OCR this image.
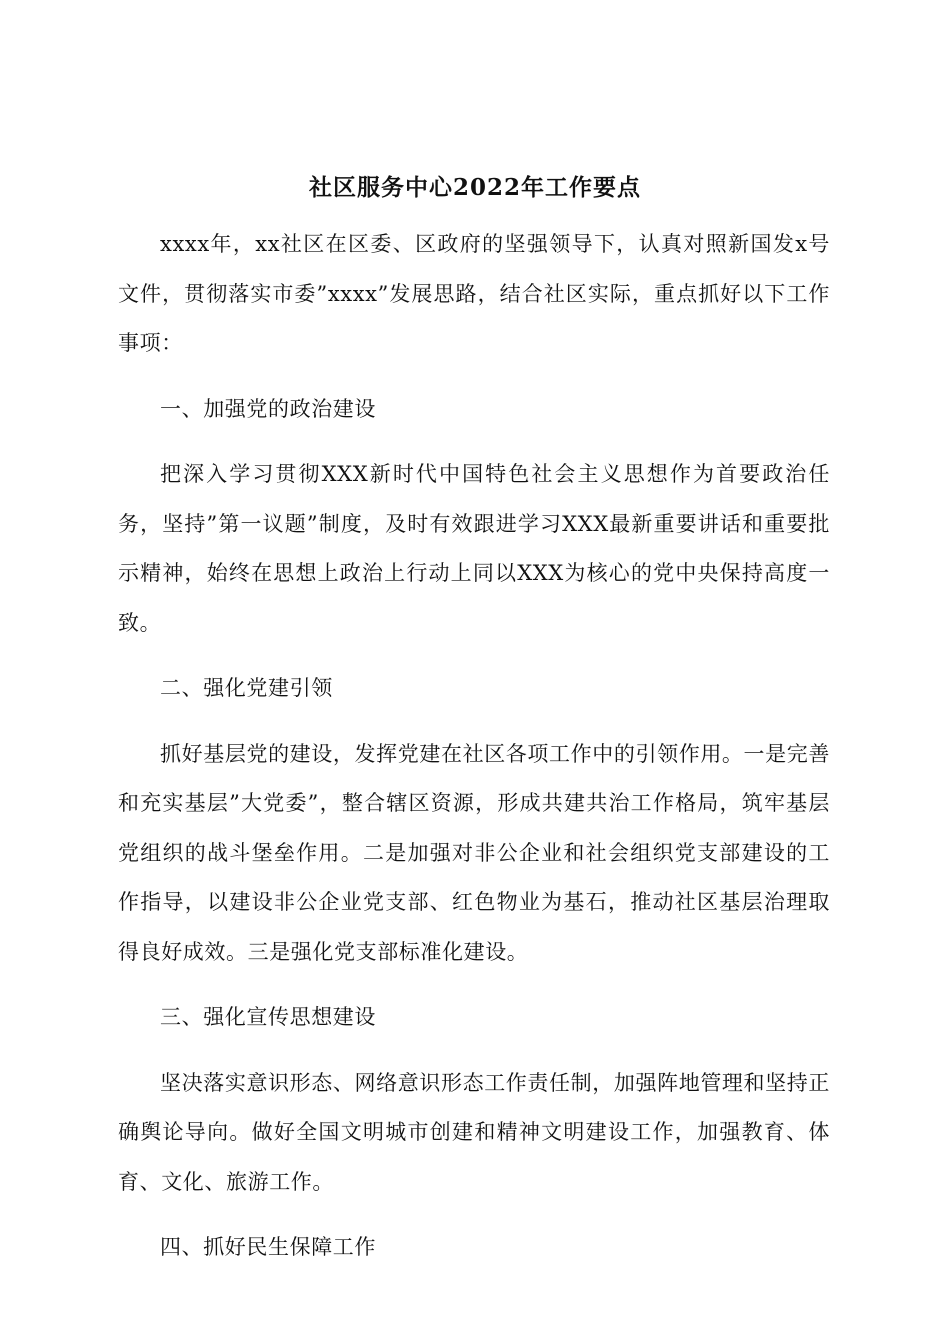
社区服务中心2022年工作要点

xxxx年，xx社区在区委、区政府的坚强领导下，认真对照新国发x号文件，贯彻落实市委”xxxx”发展思路，结合社区实际，重点抓好以下工作事项：

一、加强党的政治建设

把深入学习贯彻XXX新时代中国特色社会主义思想作为首要政治任务，坚持”第一议题”制度，及时有效跟进学习XXX最新重要讲话和重要批示精神，始终在思想上政治上行动上同以XXX为核心的党中央保持高度一致。

二、强化党建引领

抓好基层党的建设，发挥党建在社区各项工作中的引领作用。一是完善和充实基层”大党委”，整合辖区资源，形成共建共治工作格局，筑牢基层党组织的战斗堡垒作用。二是加强对非公企业和社会组织党支部建设的工作指导，以建设非公企业党支部、红色物业为基石，推动社区基层治理取得良好成效。三是强化党支部标准化建设。

三、强化宣传思想建设

坚决落实意识形态、网络意识形态工作责任制，加强阵地管理和坚持正确舆论导向。做好全国文明城市创建和精神文明建设工作，加强教育、体育、文化、旅游工作。

四、抓好民生保障工作
